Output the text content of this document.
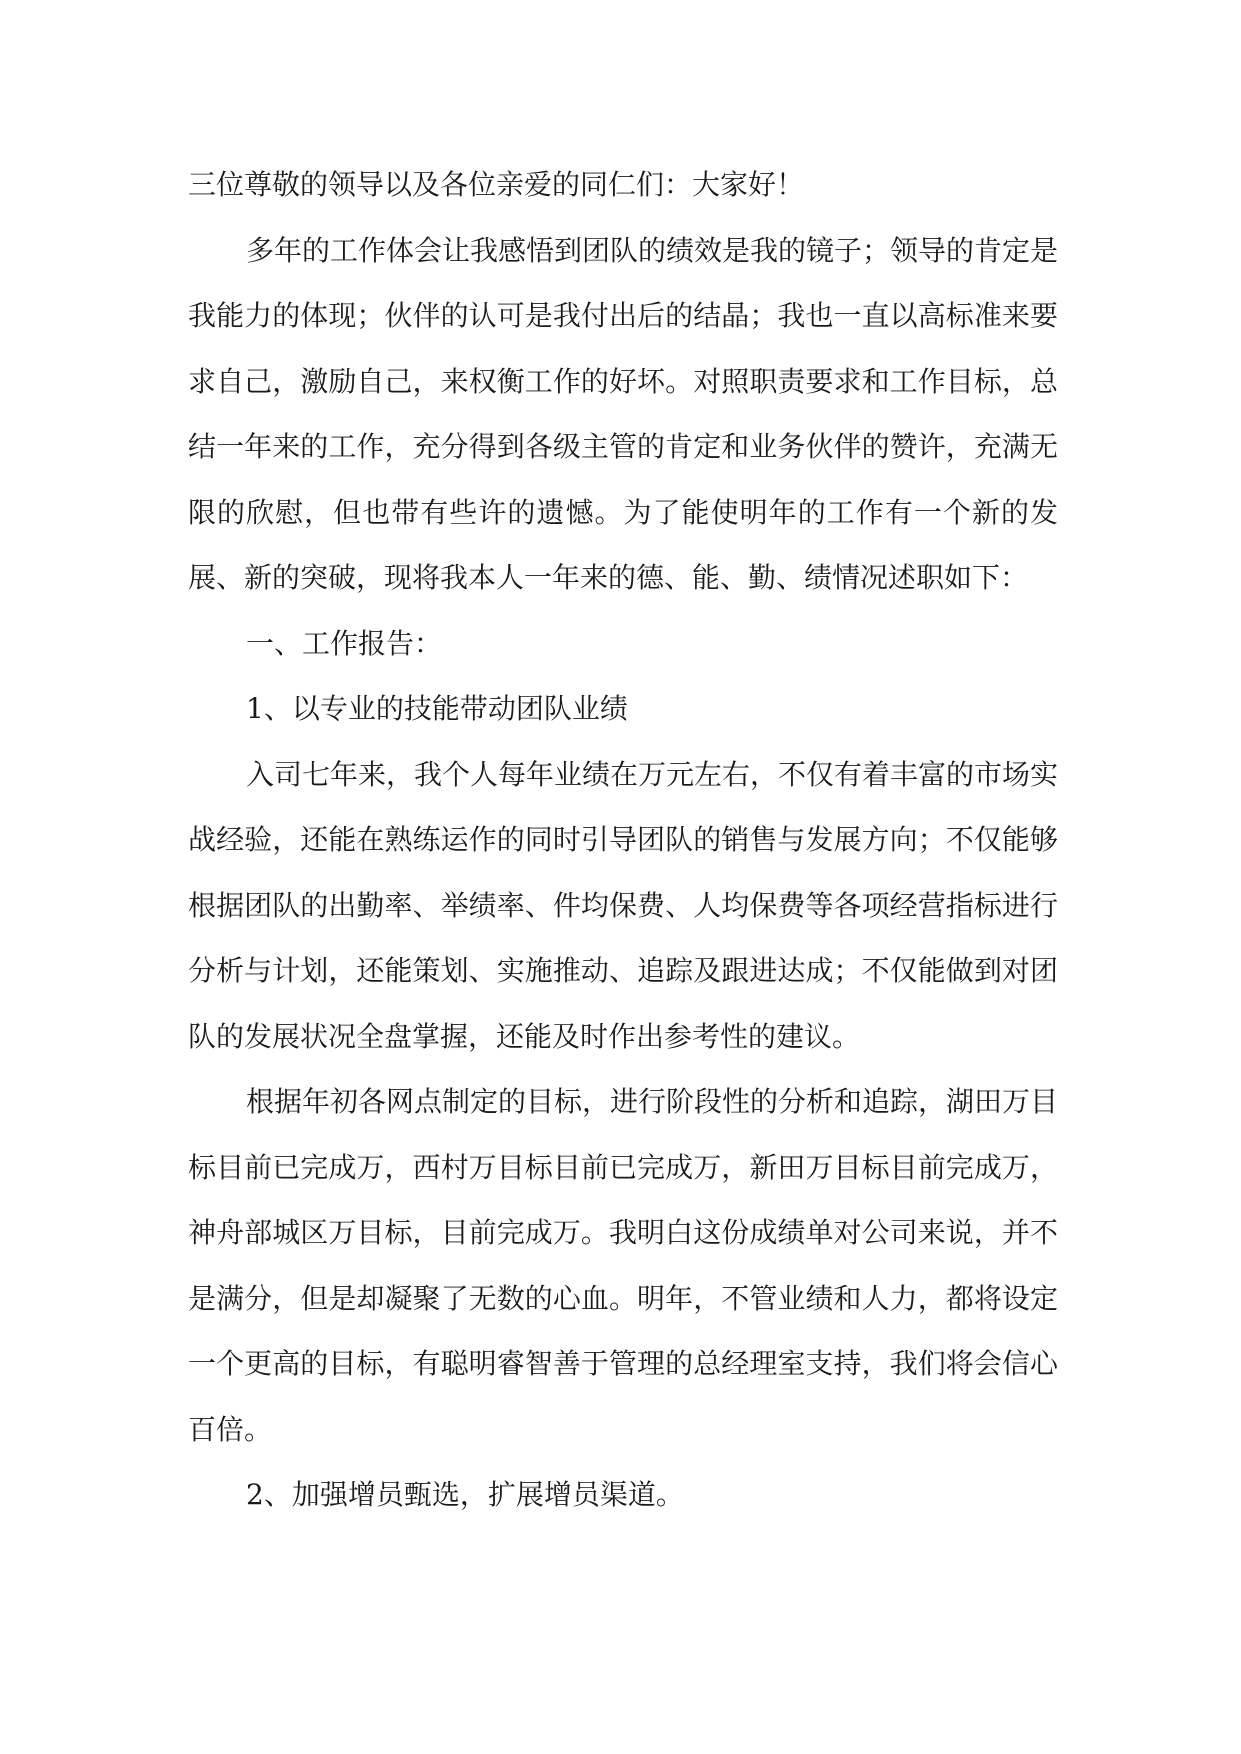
三位尊敬的领导以及各位亲爱的同仁们：大家好！

多年的工作体会让我感悟到团队的绩效是我的镜子；领导的肯定是我能力的体现；伙伴的认可是我付出后的结晶；我也一直以高标准来要求自己，激励自己，来权衡工作的好坏。对照职责要求和工作目标，总结一年来的工作，充分得到各级主管的肯定和业务伙伴的赞许，充满无限的欣慰，但也带有些许的遗憾。为了能使明年的工作有一个新的发展、新的突破，现将我本人一年来的德、能、勤、绩情况述职如下：

一、工作报告：

1、以专业的技能带动团队业绩

入司七年来，我个人每年业绩在万元左右，不仅有着丰富的市场实战经验，还能在熟练运作的同时引导团队的销售与发展方向；不仅能够根据团队的出勤率、举绩率、件均保费、人均保费等各项经营指标进行分析与计划，还能策划、实施推动、追踪及跟进达成；不仅能做到对团队的发展状况全盘掌握，还能及时作出参考性的建议。

根据年初各网点制定的目标，进行阶段性的分析和追踪，湖田万目标目前已完成万，西村万目标目前已完成万，新田万目标目前完成万，神舟部城区万目标，目前完成万。我明白这份成绩单对公司来说，并不是满分，但是却凝聚了无数的心血。明年，不管业绩和人力，都将设定一个更高的目标，有聪明睿智善于管理的总经理室支持，我们将会信心百倍。

2、加强增员甄选，扩展增员渠道。
